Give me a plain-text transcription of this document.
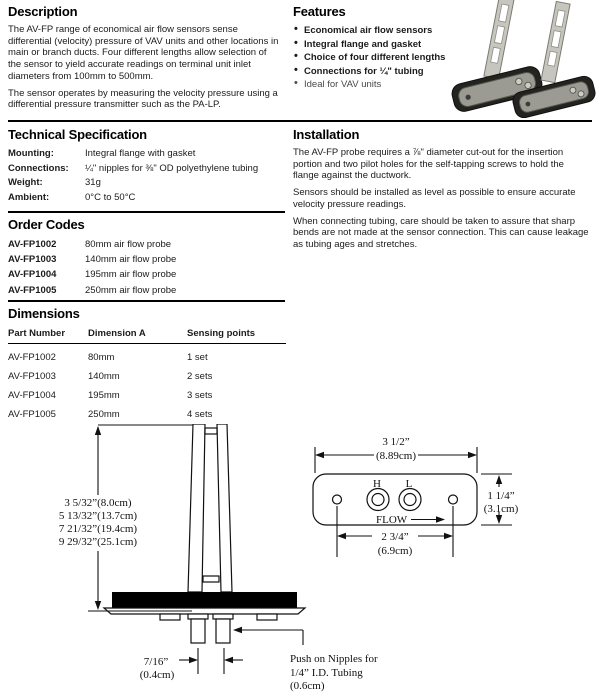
Description

The AV-FP range of economical air flow sensors sense differential (velocity) pressure of VAV units and other locations in main or branch ducts. Four different lengths allow selection of the sensor to yield accurate readings on terminal unit inlet diameters from 100mm to 500mm.

The sensor operates by measuring the velocity pressure using a differential pressure transmitter such as the PA-LP.

Features
• Economical air flow sensors
• Integral flange and gasket
• Choice of four different lengths
• Connections for ¼" tubing
• Ideal for VAV units
Technical Specification
Mounting:	Integral flange with gasket
Connections:	¼" nipples for ⅜" OD polyethylene tubing
Weight:	31g
Ambient:	0°C to 50°C
Installation

The AV-FP probe requires a ⅞" diameter cut-out for the insertion portion and two pilot holes for the self-tapping screws to hold the flange against the ductwork.

Sensors should be installed as level as possible to ensure accurate velocity pressure readings.

When connecting tubing, care should be taken to assure that sharp bends are not made at the sensor connection. This can cause leakage as tubing ages and stretches.

Order Codes
AV-FP1002	80mm air flow probe
AV-FP1003	140mm air flow probe
AV-FP1004	195mm air flow probe
AV-FP1005	250mm air flow probe
Dimensions
Part Number	Dimension A	Sensing points
AV-FP1002	80mm	1 set
AV-FP1003	140mm	2 sets
AV-FP1004	195mm	3 sets
AV-FP1005	250mm	4 sets
3 5/32”(8.0cm)
5 13/32”(13.7cm)
7 21/32”(19.4cm)
9 29/32”(25.1cm)
7/16”
(0.4cm)
Push on Nipples for
1/4” I.D. Tubing
(0.6cm)
H L
FLOW
3 1/2”
(8.89cm)
1 1/4”
(3.1cm)
2 3/4”
(6.9cm)
